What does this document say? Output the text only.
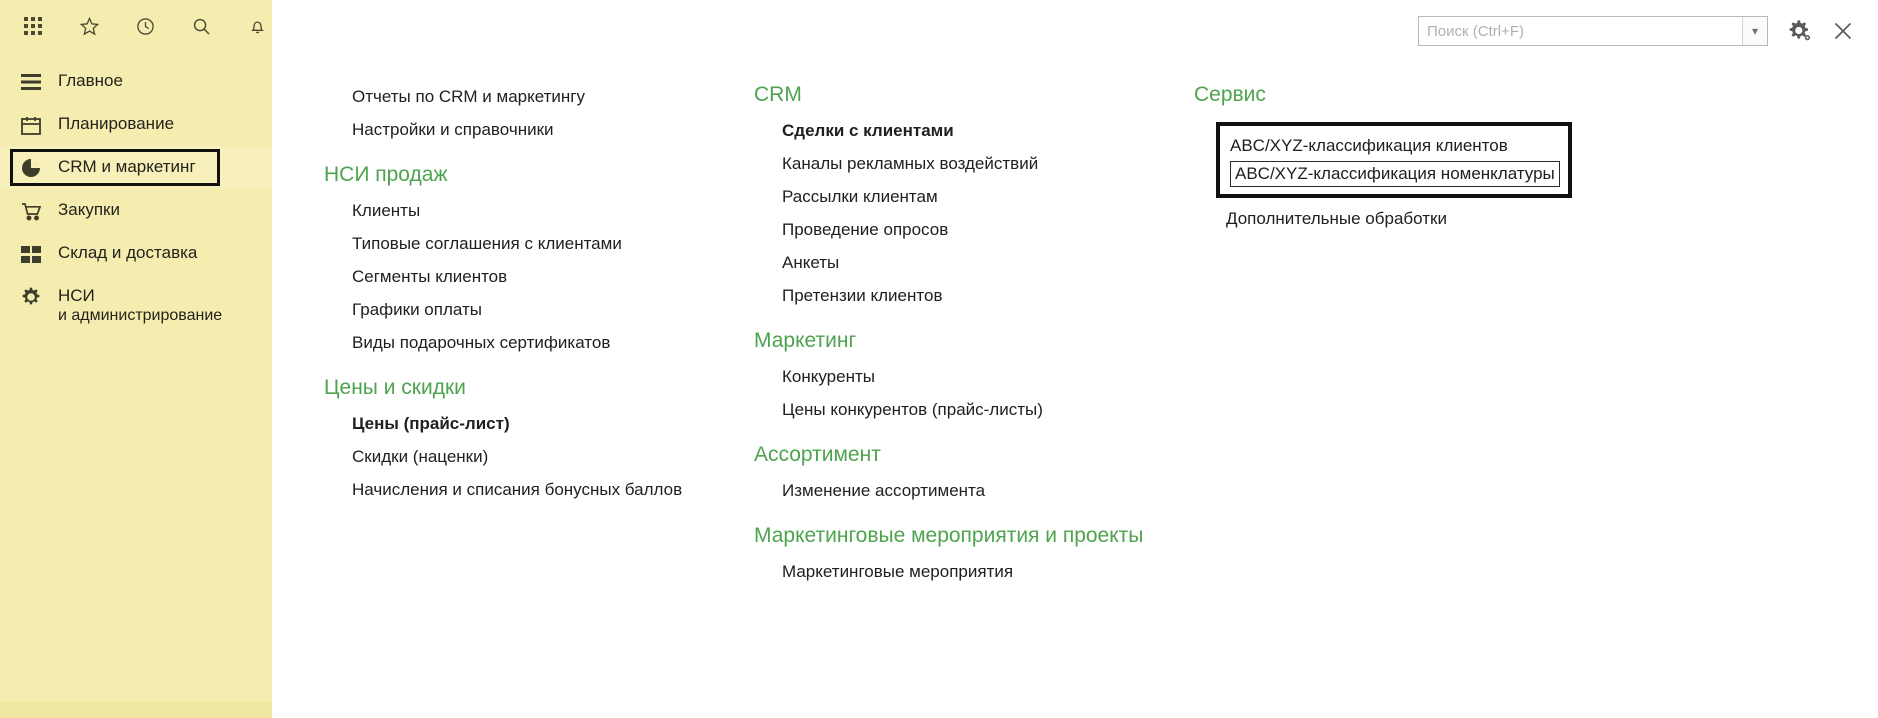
Главное
Планирование
CRM и маркетинг
Закупки
Склад и доставка
НСИ
и администрирование
Поиск (Ctrl+F)
▾
Отчеты по CRM и маркетингу
Настройки и справочники
НСИ продаж
Клиенты
Типовые соглашения с клиентами
Сегменты клиентов
Графики оплаты
Виды подарочных сертификатов
Цены и скидки
Цены (прайс-лист)
Скидки (наценки)
Начисления и списания бонусных баллов
CRM
Сделки с клиентами
Каналы рекламных воздействий
Рассылки клиентам
Проведение опросов
Анкеты
Претензии клиентов
Маркетинг
Конкуренты
Цены конкурентов (прайс-листы)
Ассортимент
Изменение ассортимента
Маркетинговые мероприятия и проекты
Маркетинговые мероприятия
Сервис
ABC/XYZ-классификация клиентов
ABC/XYZ-классификация номенклатуры
Дополнительные обработки
